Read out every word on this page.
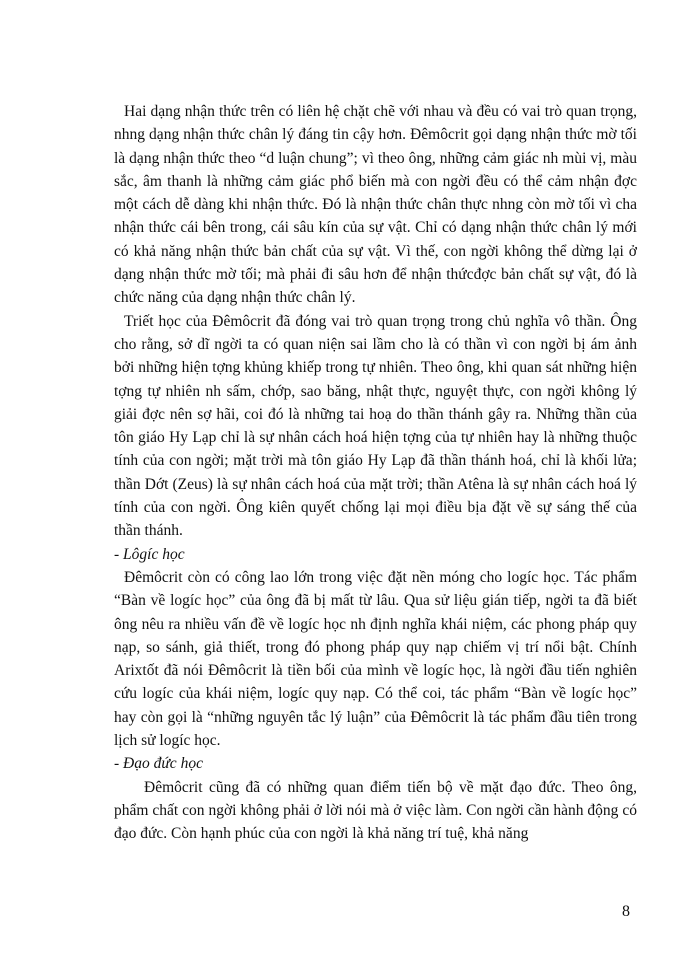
Hai dạng nhận thức trên có liên hệ chặt chẽ với nhau và đều có vai trò quan trọng, nhng dạng nhận thức chân lý đáng tin cậy hơn. Đêmôcrit gọi dạng nhận thức mờ tối là dạng nhận thức theo “d luận chung”; vì theo ông, những cảm giác nh mùi vị, màu sắc, âm thanh là những cảm giác phổ biến mà con ngời đều có thể cảm nhận đợc một cách dễ dàng khi nhận thức. Đó là nhận thức chân thực nhng còn mờ tối vì cha nhận thức cái bên trong, cái sâu kín của sự vật. Chỉ có dạng nhận thức chân lý mới có khả năng nhận thức bản chất của sự vật. Vì thế, con ngời không thể dừng lại ở dạng nhận thức mờ tối; mà phải đi sâu hơn để nhận thứcđợc bản chất sự vật, đó là chức năng của dạng nhận thức chân lý.

Triết học của Đêmôcrit đã đóng vai trò quan trọng trong chủ nghĩa vô thần. Ông cho rằng, sở dĩ ngời ta có quan niện sai lầm cho là có thần vì con ngời bị ám ảnh bởi những hiện tợng khủng khiếp trong tự nhiên. Theo ông, khi quan sát những hiện tợng tự nhiên nh sấm, chớp, sao băng, nhật thực, nguyệt thực, con ngời không lý giải đợc nên sợ hãi, coi đó là những tai hoạ do thần thánh gây ra. Những thần của tôn giáo Hy Lạp chỉ là sự nhân cách hoá hiện tợng của tự nhiên hay là những thuộc tính của con ngời; mặt trời mà tôn giáo Hy Lạp đã thần thánh hoá, chỉ là khối lửa; thần Dớt (Zeus) là sự nhân cách hoá của mặt trời; thần Atêna là sự nhân cách hoá lý tính của con ngời. Ông kiên quyết chống lại mọi điều bịa đặt về sự sáng thế của thần thánh.

- Lôgíc học

Đêmôcrit còn có công lao lớn trong việc đặt nền móng cho logíc học. Tác phẩm “Bàn về logíc học” của ông đã bị mất từ lâu. Qua sử liệu gián tiếp, ngời ta đã biết ông nêu ra nhiều vấn đề về logíc học nh định nghĩa khái niệm, các phong pháp quy nạp, so sánh, giả thiết, trong đó phong pháp quy nạp chiếm vị trí nổi bật. Chính Arixtốt đã nói Đêmôcrit là tiền bối của mình về logíc học, là ngời đầu tiến nghiên cứu logíc của khái niệm, logíc quy nạp. Có thể coi, tác phẩm “Bàn về logíc học” hay còn gọi là “những nguyên tắc lý luận” của Đêmôcrit là tác phẩm đầu tiên trong lịch sử logíc học.

- Đạo đức học

Đêmôcrit cũng đã có những quan điểm tiến bộ về mặt đạo đức. Theo ông, phẩm chất con ngời không phải ở lời nói mà ở việc làm. Con ngời cần hành động có đạo đức. Còn hạnh phúc của con ngời là khả năng trí tuệ, khả năng

8
